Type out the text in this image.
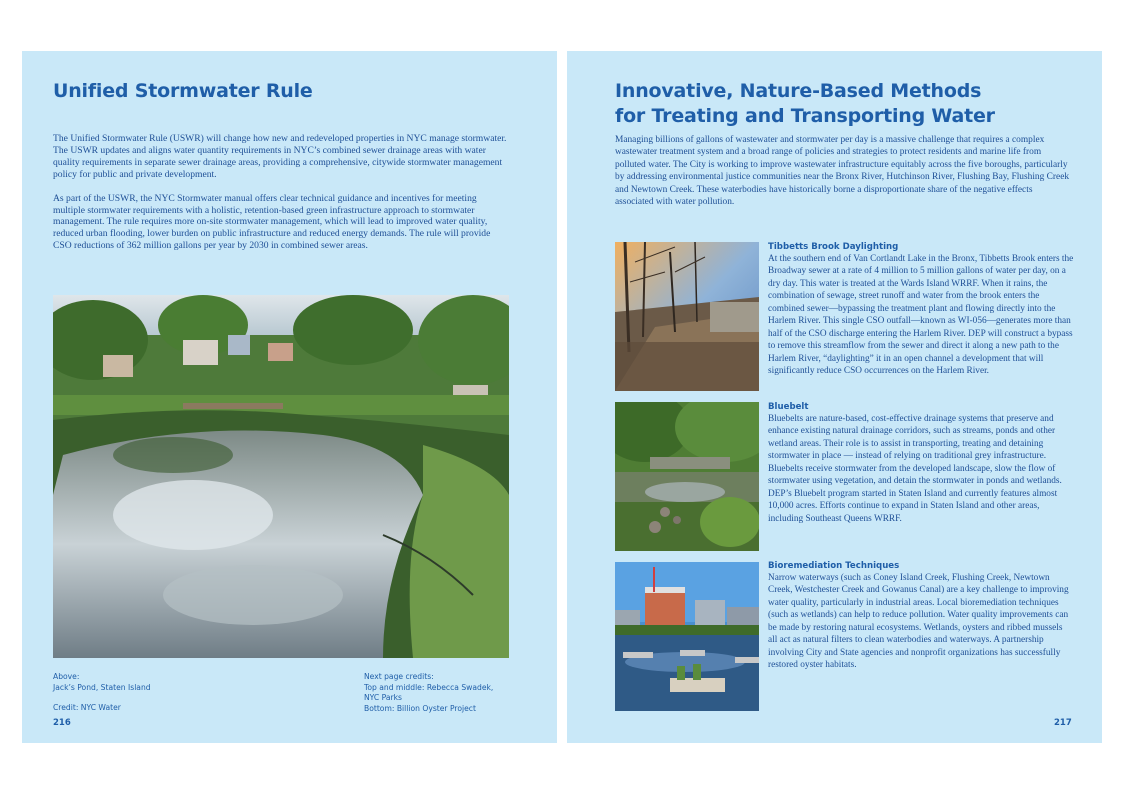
Unified Stormwater Rule

The Unified Stormwater Rule (USWR) will change how new and redeveloped properties in NYC manage stormwater. The USWR updates and aligns water quantity requirements in NYC’s combined sewer drainage areas with water quality requirements in separate sewer drainage areas, providing a comprehensive, citywide stormwater management policy for public and private development.

As part of the USWR, the NYC Stormwater manual offers clear technical guidance and incentives for meeting multiple stormwater requirements with a holistic, retention-based green infrastructure approach to stormwater management. The rule requires more on-site stormwater management, which will lead to improved water quality, reduced urban flooding, lower burden on public infrastructure and reduced energy demands. The rule will provide CSO reductions of 362 million gallons per year by 2030 in combined sewer areas.

Above:
Jack’s Pond, Staten Island
Credit: NYC Water
Next page credits:
Top and middle: Rebecca Swadek,
NYC Parks
Bottom: Billion Oyster Project
216
Innovative, Nature-Based Methods
for Treating and Transporting Water
Managing billions of gallons of wastewater and stormwater per day is a massive challenge that requires a complex wastewater treatment system and a broad range of policies and strategies to protect residents and marine life from polluted water. The City is working to improve wastewater infrastructure equitably across the five boroughs, particularly by addressing environmental justice communities near the Bronx River, Hutchinson River, Flushing Bay, Flushing Creek and Newtown Creek. These waterbodies have historically borne a disproportionate share of the negative effects associated with water pollution.
Tibbetts Brook Daylighting
At the southern end of Van Cortlandt Lake in the Bronx, Tibbetts Brook enters the Broadway sewer at a rate of 4 million to 5 million gallons of water per day, on a dry day. This water is treated at the Wards Island WRRF. When it rains, the combination of sewage, street runoff and water from the brook enters the combined sewer—bypassing the treatment plant and flowing directly into the Harlem River. This single CSO outfall—known as WI-056—generates more than half of the CSO discharge entering the Harlem River. DEP will construct a bypass to remove this streamflow from the sewer and direct it along a new path to the Harlem River, “daylighting” it in an open channel a development that will significantly reduce CSO occurrences on the Harlem River.
Bluebelt
Bluebelts are nature-based, cost-effective drainage systems that preserve and enhance existing natural drainage corridors, such as streams, ponds and other wetland areas. Their role is to assist in transporting, treating and detaining stormwater in place — instead of relying on traditional grey infrastructure. Bluebelts receive stormwater from the developed landscape, slow the flow of stormwater using vegetation, and detain the stormwater in ponds and wetlands. DEP’s Bluebelt program started in Staten Island and currently features almost 10,000 acres. Efforts continue to expand in Staten Island and other areas, including Southeast Queens WRRF.
Bioremediation Techniques
Narrow waterways (such as Coney Island Creek, Flushing Creek, Newtown Creek, Westchester Creek and Gowanus Canal) are a key challenge to improving water quality, particularly in industrial areas. Local bioremediation techniques (such as wetlands) can help to reduce pollution. Water quality improvements can be made by restoring natural ecosystems. Wetlands, oysters and ribbed mussels all act as natural filters to clean waterbodies and waterways. A partnership involving City and State agencies and nonprofit organizations has successfully restored oyster habitats.
217
